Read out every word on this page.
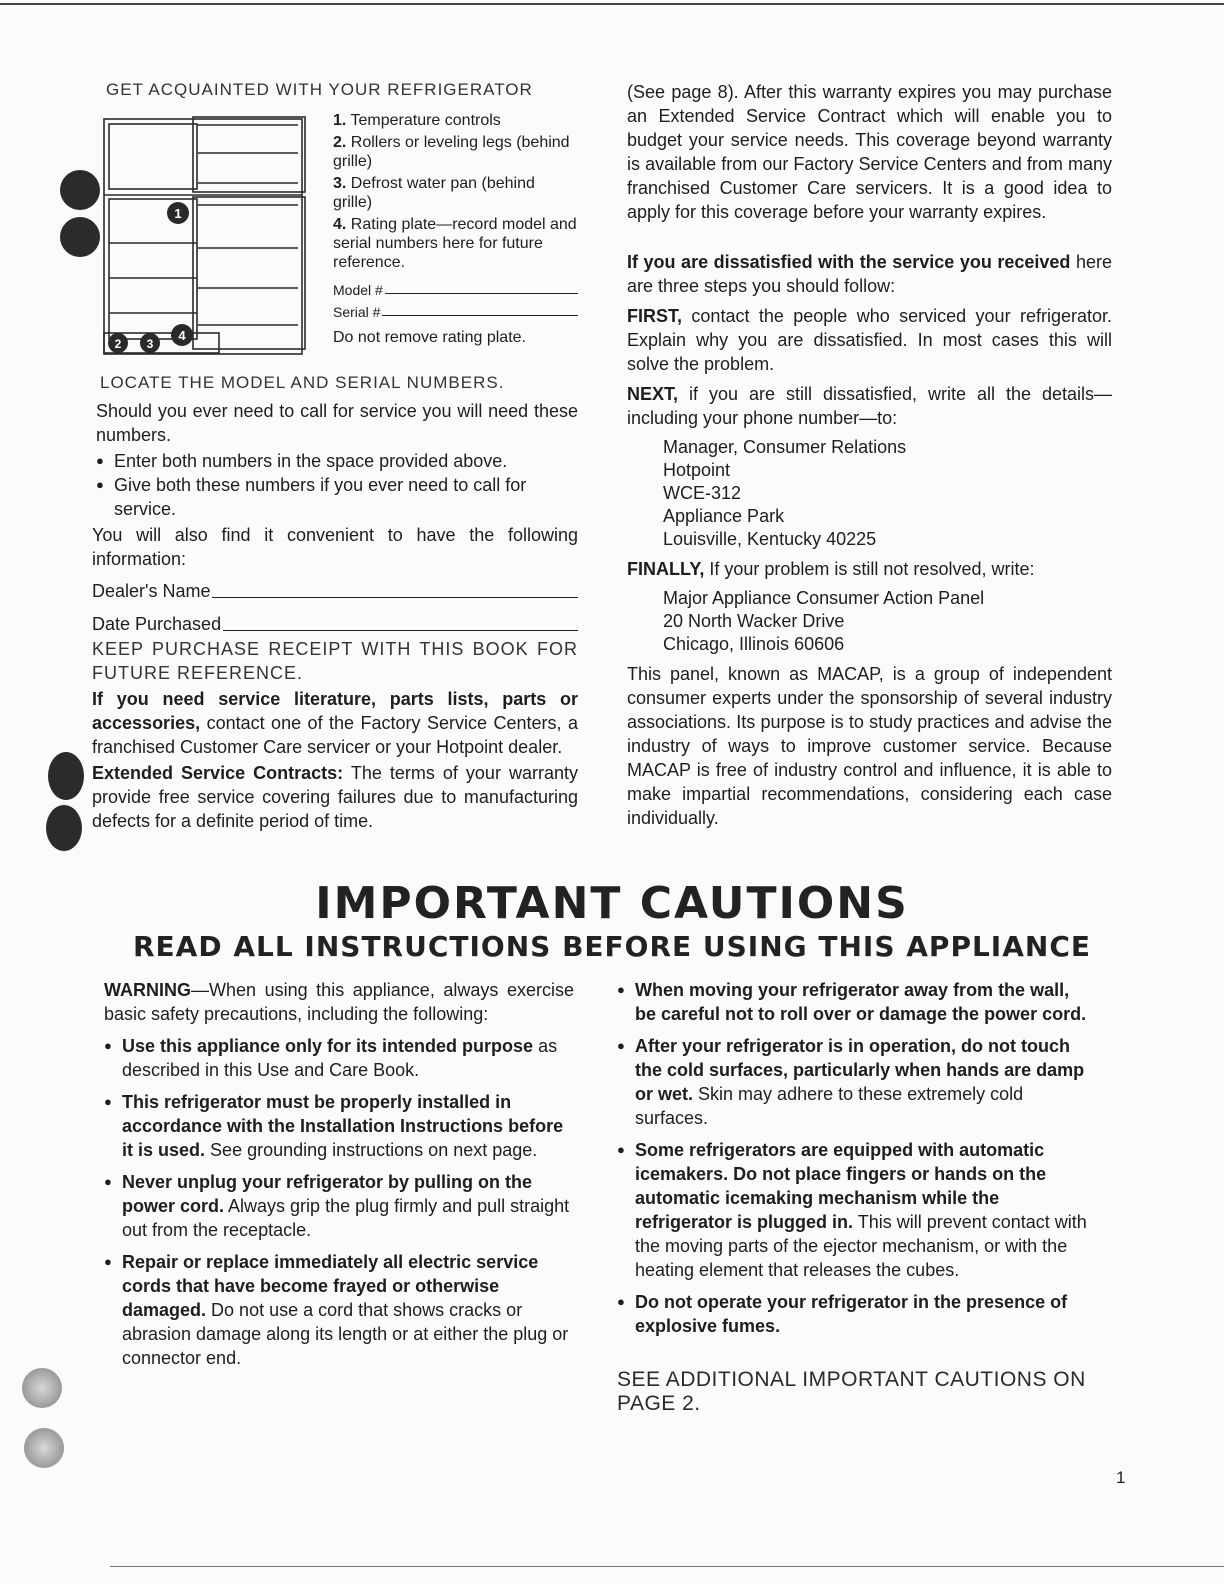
GET ACQUAINTED WITH YOUR REFRIGERATOR

1
2 3
4

1. Temperature controls

2. Rollers or leveling legs (behind grille)

3. Defrost water pan (behind grille)

4. Rating plate—record model and serial numbers here for future reference.

Model #
Serial #

Do not remove rating plate.

LOCATE THE MODEL AND SERIAL NUMBERS.

Should you ever need to call for service you will need these numbers.

● Enter both numbers in the space provided above.
● Give both these numbers if you ever need to call for service.

You will also find it convenient to have the following information:

Dealer's Name
Date Purchased

KEEP PURCHASE RECEIPT WITH THIS BOOK FOR FUTURE REFERENCE.

If you need service literature, parts lists, parts or accessories, contact one of the Factory Service Centers, a franchised Customer Care servicer or your Hotpoint dealer.

Extended Service Contracts: The terms of your warranty provide free service covering failures due to manufacturing defects for a definite period of time.

(See page 8). After this warranty expires you may purchase an Extended Service Contract which will enable you to budget your service needs. This coverage beyond warranty is available from our Factory Service Centers and from many franchised Customer Care servicers. It is a good idea to apply for this coverage before your warranty expires.

If you are dissatisfied with the service you received here are three steps you should follow:

FIRST, contact the people who serviced your refrigerator. Explain why you are dissatisfied. In most cases this will solve the problem.

NEXT, if you are still dissatisfied, write all the details—including your phone number—to:

Manager, Consumer Relations

Hotpoint

WCE-312

Appliance Park

Louisville, Kentucky 40225

FINALLY, If your problem is still not resolved, write:

Major Appliance Consumer Action Panel

20 North Wacker Drive

Chicago, Illinois 60606

This panel, known as MACAP, is a group of independent consumer experts under the sponsorship of several industry associations. Its purpose is to study practices and advise the industry of ways to improve customer service. Because MACAP is free of industry control and influence, it is able to make impartial recommendations, considering each case individually.

IMPORTANT CAUTIONS
READ ALL INSTRUCTIONS BEFORE USING THIS APPLIANCE

WARNING—When using this appliance, always exercise basic safety precautions, including the following:

● Use this appliance only for its intended purpose as described in this Use and Care Book.
● This refrigerator must be properly installed in accordance with the Installation Instructions before it is used. See grounding instructions on next page.
● Never unplug your refrigerator by pulling on the power cord. Always grip the plug firmly and pull straight out from the receptacle.
● Repair or replace immediately all electric service cords that have become frayed or otherwise damaged. Do not use a cord that shows cracks or abrasion damage along its length or at either the plug or connector end.
● When moving your refrigerator away from the wall, be careful not to roll over or damage the power cord.
● After your refrigerator is in operation, do not touch the cold surfaces, particularly when hands are damp or wet. Skin may adhere to these extremely cold surfaces.
● Some refrigerators are equipped with automatic icemakers. Do not place fingers or hands on the automatic icemaking mechanism while the refrigerator is plugged in. This will prevent contact with the moving parts of the ejector mechanism, or with the heating element that releases the cubes.
● Do not operate your refrigerator in the presence of explosive fumes.

SEE ADDITIONAL IMPORTANT CAUTIONS ON PAGE 2.

1
